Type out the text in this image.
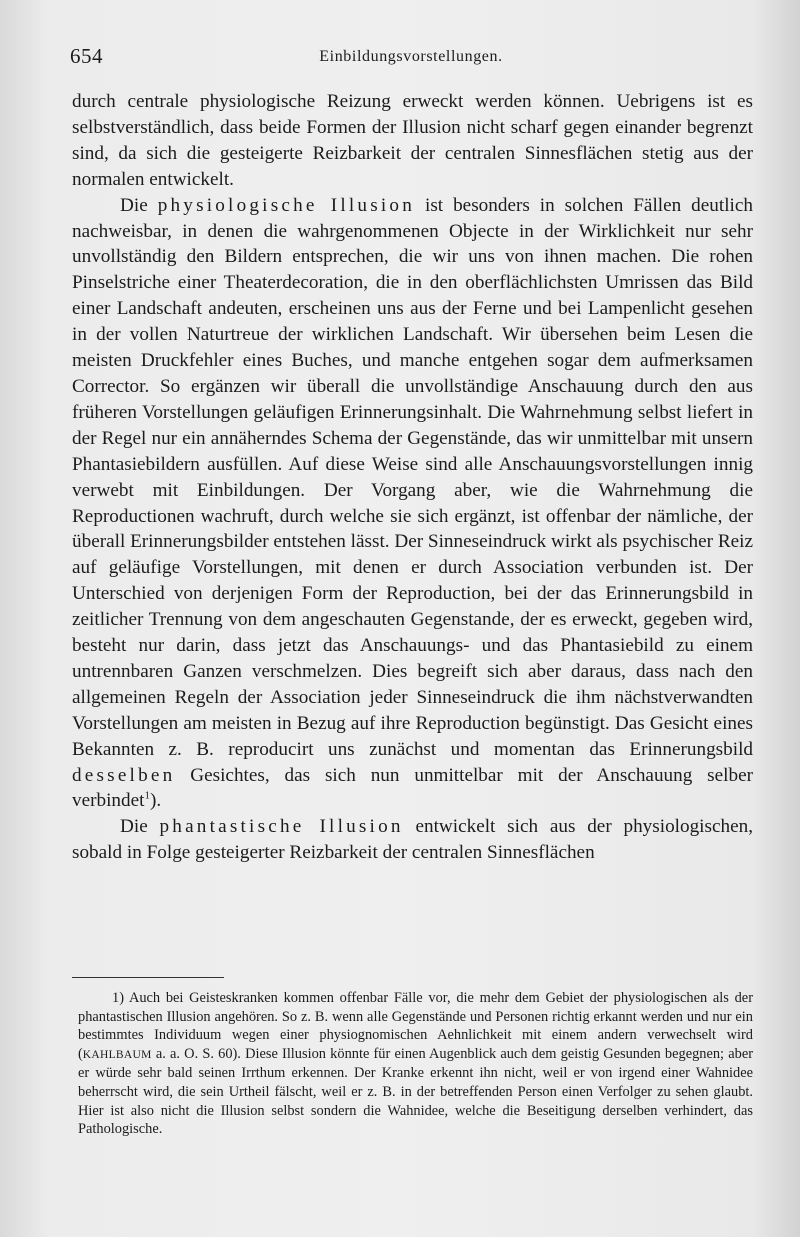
654	Einbildungsvorstellungen.

durch centrale physiologische Reizung erweckt werden können. Uebrigens ist es selbstverständlich, dass beide Formen der Illusion nicht scharf gegen einander begrenzt sind, da sich die gesteigerte Reizbarkeit der centralen Sinnesflächen stetig aus der normalen entwickelt.

Die physiologische Illusion ist besonders in solchen Fällen deutlich nachweisbar, in denen die wahrgenommenen Objecte in der Wirklichkeit nur sehr unvollständig den Bildern entsprechen, die wir uns von ihnen machen. Die rohen Pinselstriche einer Theaterdecoration, die in den oberflächlichsten Umrissen das Bild einer Landschaft andeuten, erscheinen uns aus der Ferne und bei Lampenlicht gesehen in der vollen Naturtreue der wirklichen Landschaft. Wir übersehen beim Lesen die meisten Druckfehler eines Buches, und manche entgehen sogar dem aufmerksamen Corrector. So ergänzen wir überall die unvollständige Anschauung durch den aus früheren Vorstellungen geläufigen Erinnerungsinhalt. Die Wahrnehmung selbst liefert in der Regel nur ein annäherndes Schema der Gegenstände, das wir unmittelbar mit unsern Phantasiebildern ausfüllen. Auf diese Weise sind alle Anschauungsvorstellungen innig verwebt mit Einbildungen. Der Vorgang aber, wie die Wahrnehmung die Reproductionen wachruft, durch welche sie sich ergänzt, ist offenbar der nämliche, der überall Erinnerungsbilder entstehen lässt. Der Sinneseindruck wirkt als psychischer Reiz auf geläufige Vorstellungen, mit denen er durch Association verbunden ist. Der Unterschied von derjenigen Form der Reproduction, bei der das Erinnerungsbild in zeitlicher Trennung von dem angeschauten Gegenstande, der es erweckt, gegeben wird, besteht nur darin, dass jetzt das Anschauungs- und das Phantasiebild zu einem untrennbaren Ganzen verschmelzen. Dies begreift sich aber daraus, dass nach den allgemeinen Regeln der Association jeder Sinneseindruck die ihm nächstverwandten Vorstellungen am meisten in Bezug auf ihre Reproduction begünstigt. Das Gesicht eines Bekannten z. B. reproducirt uns zunächst und momentan das Erinnerungsbild desselben Gesichtes, das sich nun unmittelbar mit der Anschauung selber verbindet$^1$).

Die phantastische Illusion entwickelt sich aus der physiologischen, sobald in Folge gesteigerter Reizbarkeit der centralen Sinnesflächen

1) Auch bei Geisteskranken kommen offenbar Fälle vor, die mehr dem Gebiet der physiologischen als der phantastischen Illusion angehören. So z. B. wenn alle Gegenstände und Personen richtig erkannt werden und nur ein bestimmtes Individuum wegen einer physiognomischen Aehnlichkeit mit einem andern verwechselt wird (KAHLBAUM a. a. O. S. 60). Diese Illusion könnte für einen Augenblick auch dem geistig Gesunden begegnen; aber er würde sehr bald seinen Irrthum erkennen. Der Kranke erkennt ihn nicht, weil er von irgend einer Wahnidee beherrscht wird, die sein Urtheil fälscht, weil er z. B. in der betreffenden Person einen Verfolger zu sehen glaubt. Hier ist also nicht die Illusion selbst sondern die Wahnidee, welche die Beseitigung derselben verhindert, das Pathologische.
